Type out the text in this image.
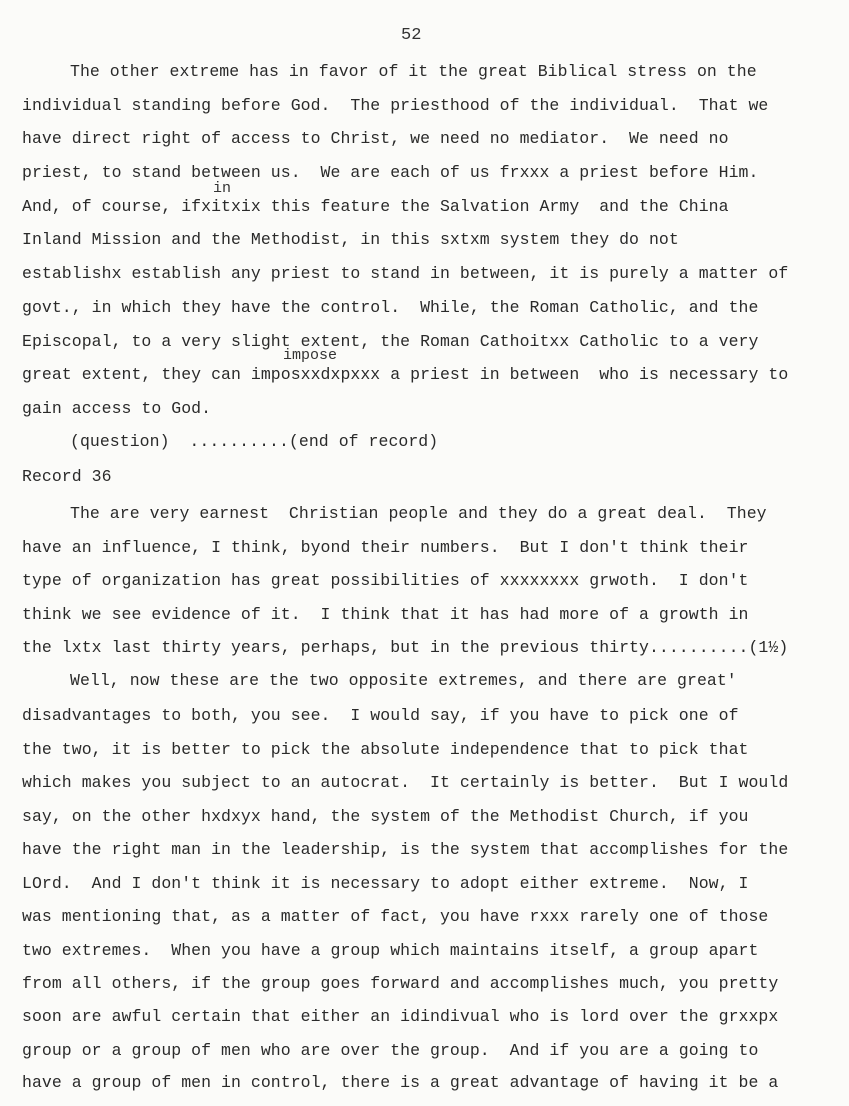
52
in
impose
The other extreme has in favor of it the great Biblical stress on the
individual standing before God.  The priesthood of the individual.  That we
have direct right of access to Christ, we need no mediator.  We need no
priest, to stand between us.  We are each of us frxxx a priest before Him.
And, of course, ifxitxix this feature the Salvation Army  and the China
Inland Mission and the Methodist, in this sxtxm system they do not
establishx establish any priest to stand in between, it is purely a matter of
govt., in which they have the control.  While, the Roman Catholic, and the
Episcopal, to a very slight extent, the Roman Cathoitxx Catholic to a very
great extent, they can imposxxdxpxxx a priest in between  who is necessary to
gain access to God.
(question)  ..........(end of record)
Record 36
The are very earnest  Christian people and they do a great deal.  They
have an influence, I think, byond their numbers.  But I don't think their
type of organization has great possibilities of xxxxxxxx grwoth.  I don't
think we see evidence of it.  I think that it has had more of a growth in
the lxtx last thirty years, perhaps, but in the previous thirty..........(1½)
Well, now these are the two opposite extremes, and there are great'
disadvantages to both, you see.  I would say, if you have to pick one of
the two, it is better to pick the absolute independence that to pick that
which makes you subject to an autocrat.  It certainly is better.  But I would
say, on the other hxdxyx hand, the system of the Methodist Church, if you
have the right man in the leadership, is the system that accomplishes for the
LOrd.  And I don't think it is necessary to adopt either extreme.  Now, I
was mentioning that, as a matter of fact, you have rxxx rarely one of those
two extremes.  When you have a group which maintains itself, a group apart
from all others, if the group goes forward and accomplishes much, you pretty
soon are awful certain that either an idindivual who is lord over the grxxpx
group or a group of men who are over the group.  And if you are a going to
have a group of men in control, there is a great advantage of having it be a
